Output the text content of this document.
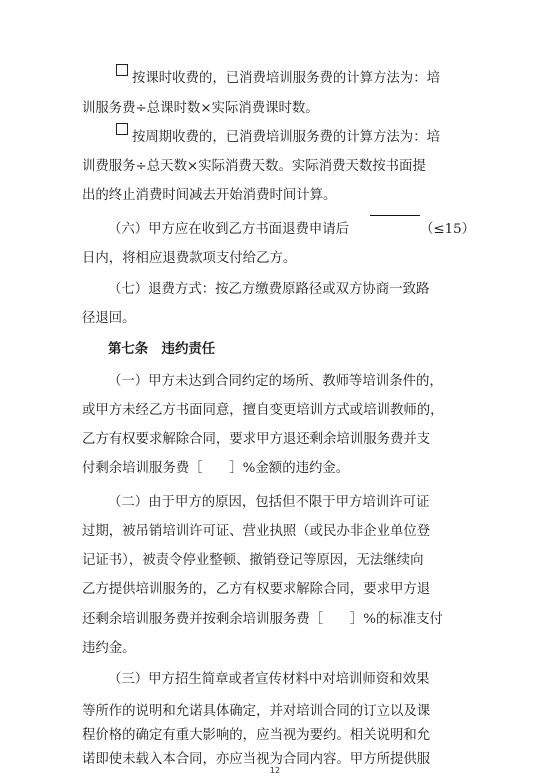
按课时收费的，已消费培训服务费的计算方法为：培
训服务费÷总课时数×实际消费课时数。
按周期收费的，已消费培训服务费的计算方法为：培
训费服务÷总天数×实际消费天数。实际消费天数按书面提
出的终止消费时间减去开始消费时间计算。
（六）甲方应在收到乙方书面退费申请后	（≤15）
日内，将相应退费款项支付给乙方。
（七）退费方式：按乙方缴费原路径或双方协商一致路
径退回。
第七条　违约责任
（一）甲方未达到合同约定的场所、教师等培训条件的，
或甲方未经乙方书面同意，擅自变更培训方式或培训教师的，
乙方有权要求解除合同，要求甲方退还剩余培训服务费并支
付剩余培训服务费［　　］%金额的违约金。
（二）由于甲方的原因，包括但不限于甲方培训许可证
过期，被吊销培训许可证、营业执照（或民办非企业单位登
记证书），被责令停业整顿、撤销登记等原因，无法继续向
乙方提供培训服务的，乙方有权要求解除合同，要求甲方退
还剩余培训服务费并按剩余培训服务费［　　］%的标准支付
违约金。
（三）甲方招生简章或者宣传材料中对培训师资和效果
12
等所作的说明和允诺具体确定，并对培训合同的订立以及课
程价格的确定有重大影响的，应当视为要约。相关说明和允
诺即使未载入本合同，亦应当视为合同内容。甲方所提供服
